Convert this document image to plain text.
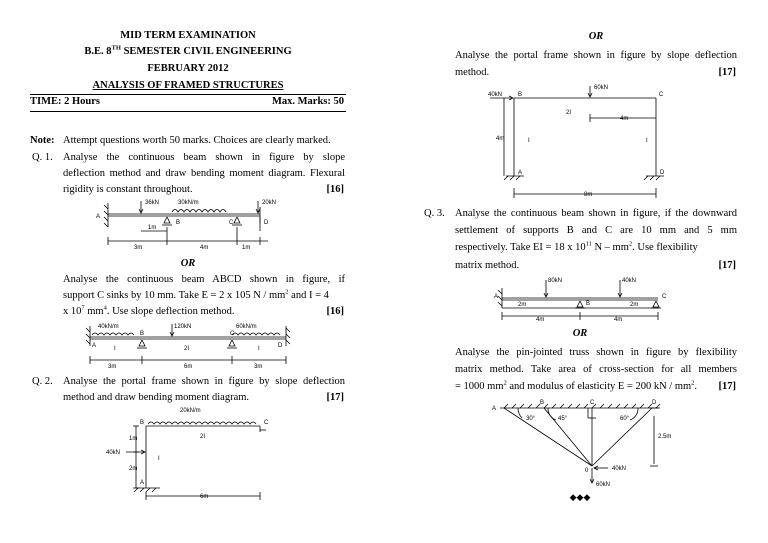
MID TERM EXAMINATION
B.E. 8TH SEMESTER CIVIL ENGINEERING
FEBRUARY 2012
ANALYSIS OF FRAMED STRUCTURES
TIME: 2 Hours	Max. Marks: 50
Note: Attempt questions worth 50 marks. Choices are clearly marked.
Q. 1. Analyse the continuous beam shown in figure by slope
deflection method and draw bending moment diagram. Flexural
rigidity is constant throughout.	[16]
A
B	C	D
36kN	30kN/m	20kN
1m
3m	4m	1m
OR
Analyse the continuous beam ABCD shown in figure, if
support C sinks by 10 mm. Take E = 2 x 105 N / $mm^2$ and I = 4
x $10^7$ $mm^4$. Use slope deflection method.	[16]
40kN/m	120kN	60kN/m
A
B	C
D
I	2I	I
3m	6m	3m
Q. 2. Analyse the portal frame shown in figure by slope deflection
method and draw bending moment diagram.	[17]
20kN/m
B	C
2I
I
40kN
1m
2m
A
6m
OR
Analyse the portal frame shown in figure by slope deflection
method.	[17]
40kN
60kN
B	C
2I
4m
I	I
4m
A	D
8m
Q. 3. Analyse the continuous beam shown in figure, if the downward
settlement of supports B and C are 10 mm and 5 mm
respectively. Take EI = 18 x $10^{11}$ N – $mm^2$. Use flexibility
matrix method.	[17]
80kN	40kN
A
B
C
2m
4m	4m
2m
OR
Analyse the pin-jointed truss shown in figure by flexibility
matrix method. Take area of cross-section for all members
= 1000 $mm^2$ and modulus of elasticity E = 200 kN / $mm^2$.	[17]
A
B	C	D
30°	45°	60°
2.5m
0	40kN
60kN
◆◆◆
